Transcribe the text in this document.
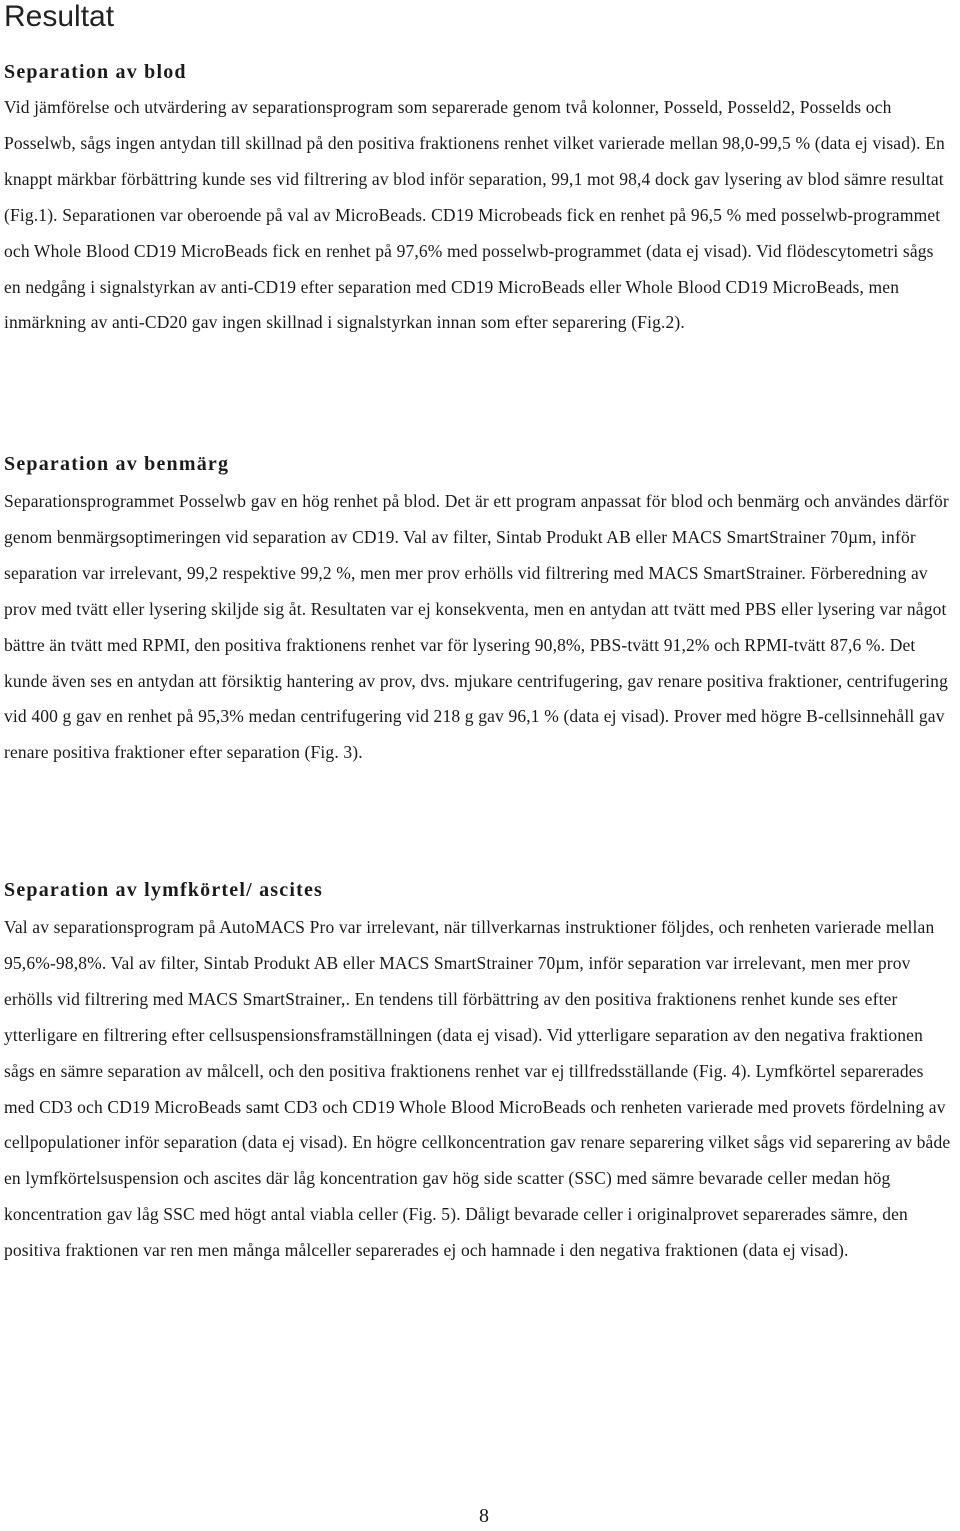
Resultat
Separation av blod

Vid jämförelse och utvärdering av separationsprogram som separerade genom två kolonner, Posseld, Posseld2, Posselds och Posselwb, sågs ingen antydan till skillnad på den positiva fraktionens renhet vilket varierade mellan 98,0-99,5 % (data ej visad). En knappt märkbar förbättring kunde ses vid filtrering av blod inför separation, 99,1 mot 98,4 dock gav lysering av blod sämre resultat (Fig.1). Separationen var oberoende på val av MicroBeads. CD19 Microbeads fick en renhet på 96,5 % med posselwb-programmet och Whole Blood CD19 MicroBeads fick en renhet på 97,6% med posselwb-programmet (data ej visad). Vid flödescytometri sågs en nedgång i signalstyrkan av anti-CD19 efter separation med CD19 MicroBeads eller Whole Blood CD19 MicroBeads, men inmärkning av anti-CD20 gav ingen skillnad i signalstyrkan innan som efter separering (Fig.2).

Separation av benmärg

Separationsprogrammet Posselwb gav en hög renhet på blod. Det är ett program anpassat för blod och benmärg och användes därför genom benmärgsoptimeringen vid separation av CD19. Val av filter, Sintab Produkt AB eller MACS SmartStrainer 70µm, inför separation var irrelevant, 99,2 respektive 99,2 %, men mer prov erhölls vid filtrering med MACS SmartStrainer. Förberedning av prov med tvätt eller lysering skiljde sig åt. Resultaten var ej konsekventa, men en antydan att tvätt med PBS eller lysering var något bättre än tvätt med RPMI, den positiva fraktionens renhet var för lysering 90,8%, PBS-tvätt 91,2% och RPMI-tvätt 87,6 %. Det kunde även ses en antydan att försiktig hantering av prov, dvs. mjukare centrifugering, gav renare positiva fraktioner, centrifugering vid 400 g gav en renhet på 95,3% medan centrifugering vid 218 g gav 96,1 % (data ej visad). Prover med högre B-cellsinnehåll gav renare positiva fraktioner efter separation (Fig. 3).

Separation av lymfkörtel/ ascites

Val av separationsprogram på AutoMACS Pro var irrelevant, när tillverkarnas instruktioner följdes, och renheten varierade mellan 95,6%-98,8%. Val av filter, Sintab Produkt AB eller MACS SmartStrainer 70µm, inför separation var irrelevant, men mer prov erhölls vid filtrering med MACS SmartStrainer,. En tendens till förbättring av den positiva fraktionens renhet kunde ses efter ytterligare en filtrering efter cellsuspensionsframställningen (data ej visad). Vid ytterligare separation av den negativa fraktionen sågs en sämre separation av målcell, och den positiva fraktionens renhet var ej tillfredsställande (Fig. 4). Lymfkörtel separerades med CD3 och CD19 MicroBeads samt CD3 och CD19 Whole Blood MicroBeads och renheten varierade med provets fördelning av cellpopulationer inför separation (data ej visad). En högre cellkoncentration gav renare separering vilket sågs vid separering av både en lymfkörtelsuspension och ascites där låg koncentration gav hög side scatter (SSC) med sämre bevarade celler medan hög koncentration gav låg SSC med högt antal viabla celler (Fig. 5). Dåligt bevarade celler i originalprovet separerades sämre, den positiva fraktionen var ren men många målceller separerades ej och hamnade i den negativa fraktionen (data ej visad).

8
